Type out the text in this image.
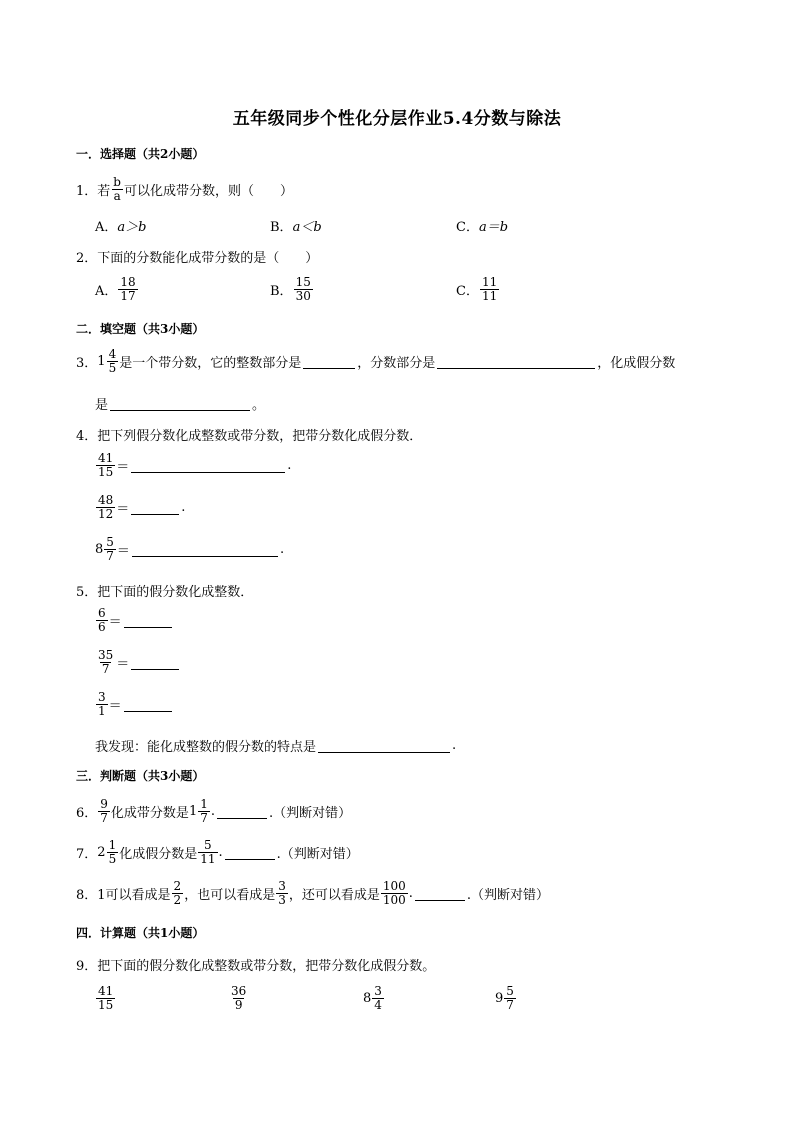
五年级同步个性化分层作业5.4分数与除法
一．选择题（共2小题）
1． 若 $\frac{b}{a}$ 可以化成带分数，则（　　）
A． a＞b	B． a＜b	C． a＝b
2．下面的分数能化成带分数的是（　　）
A． $\frac{18}{17}$	B． $\frac{15}{30}$	C． $\frac{11}{11}$
二．填空题（共3小题）
3． $1 \frac{4}{5}$ 是一个带分数，它的整数部分是	，分数部分是	，化成假分数
是	。
4．把下列假分数化成整数或带分数，把带分数化成假分数．
$\frac{41}{15}$ ＝	.
$\frac{48}{12}$ ＝	.
$8 \frac{5}{7}$ ＝	.
5．把下面的假分数化成整数．
$\frac{6}{6}$ ＝
$\frac{35}{7}$ ＝
$\frac{3}{1}$ ＝
我发现：能化成整数的假分数的特点是	.
三．判断题（共3小题）
6． $\frac{9}{7}$ 化成带分数是 $1 \frac{1}{7}$ .	.（判断对错）
7． $2 \frac{1}{5}$ 化成假分数是 $\frac{5}{11}$ .	.（判断对错）
8．1可以看成是 $\frac{2}{2}$ ，也可以看成是 $\frac{3}{3}$ ，还可以看成是 $\frac{100}{100}$ .	.（判断对错）
四．计算题（共1小题）
9．把下面的假分数化成整数或带分数，把带分数化成假分数。
$\frac{41}{15}$	$\frac{36}{9}$	$8 \frac{3}{4}$	$9 \frac{5}{7}$
